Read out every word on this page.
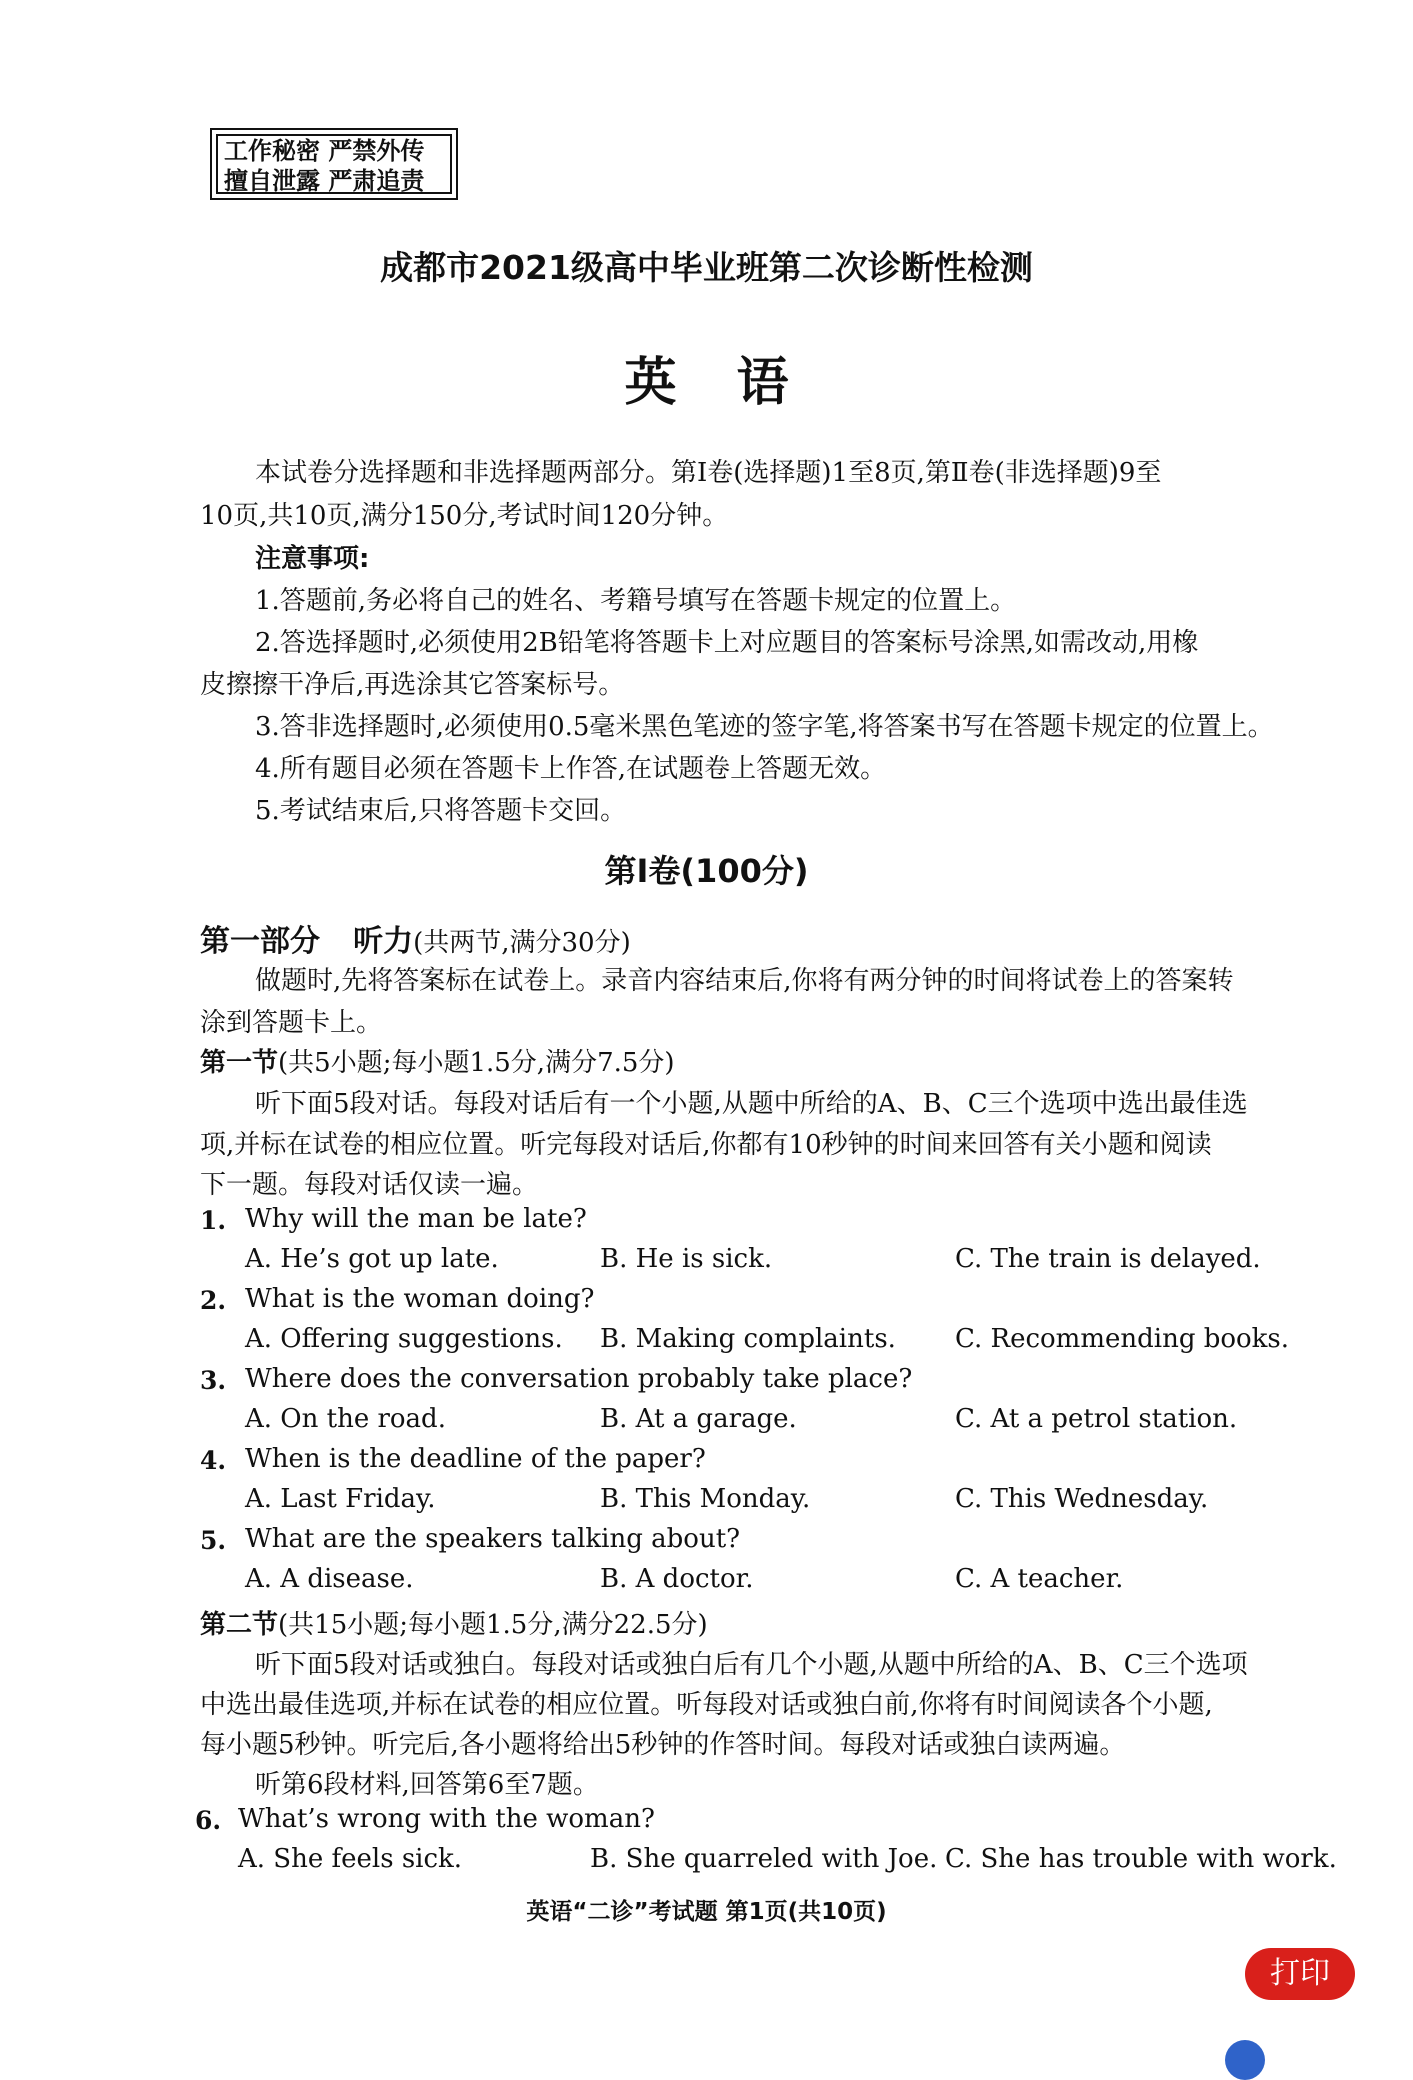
工作秘密 严禁外传
擅自泄露 严肃追责
成都市2021级高中毕业班第二次诊断性检测
英语
本试卷分选择题和非选择题两部分。第Ⅰ卷(选择题)1至8页,第Ⅱ卷(非选择题)9至
10页,共10页,满分150分,考试时间120分钟。
注意事项:
1.答题前,务必将自己的姓名、考籍号填写在答题卡规定的位置上。
2.答选择题时,必须使用2B铅笔将答题卡上对应题目的答案标号涂黑,如需改动,用橡
皮擦擦干净后,再选涂其它答案标号。
3.答非选择题时,必须使用0.5毫米黑色笔迹的签字笔,将答案书写在答题卡规定的位置上。
4.所有题目必须在答题卡上作答,在试题卷上答题无效。
5.考试结束后,只将答题卡交回。
第Ⅰ卷(100分)
第一部分 听力(共两节,满分30分)
做题时,先将答案标在试卷上。录音内容结束后,你将有两分钟的时间将试卷上的答案转
涂到答题卡上。
第一节(共5小题;每小题1.5分,满分7.5分)
听下面5段对话。每段对话后有一个小题,从题中所给的A、B、C三个选项中选出最佳选
项,并标在试卷的相应位置。听完每段对话后,你都有10秒钟的时间来回答有关小题和阅读
下一题。每段对话仅读一遍。
1. Why will the man be late?
A. He’s got up late.	B. He is sick.	C. The train is delayed.
2. What is the woman doing?
A. Offering suggestions. B. Making complaints. C. Recommending books.
3. Where does the conversation probably take place?
A. On the road.	B. At a garage.	C. At a petrol station.
4. When is the deadline of the paper?
A. Last Friday.	B. This Monday.	C. This Wednesday.
5. What are the speakers talking about?
A. A disease.	B. A doctor.	C. A teacher.
第二节(共15小题;每小题1.5分,满分22.5分)
听下面5段对话或独白。每段对话或独白后有几个小题,从题中所给的A、B、C三个选项
中选出最佳选项,并标在试卷的相应位置。听每段对话或独白前,你将有时间阅读各个小题,
每小题5秒钟。听完后,各小题将给出5秒钟的作答时间。每段对话或独白读两遍。
听第6段材料,回答第6至7题。
6. What’s wrong with the woman?
A. She feels sick.	B. She quarreled with Joe. C. She has trouble with work.
英语“二诊”考试题 第1页(共10页)
打印
